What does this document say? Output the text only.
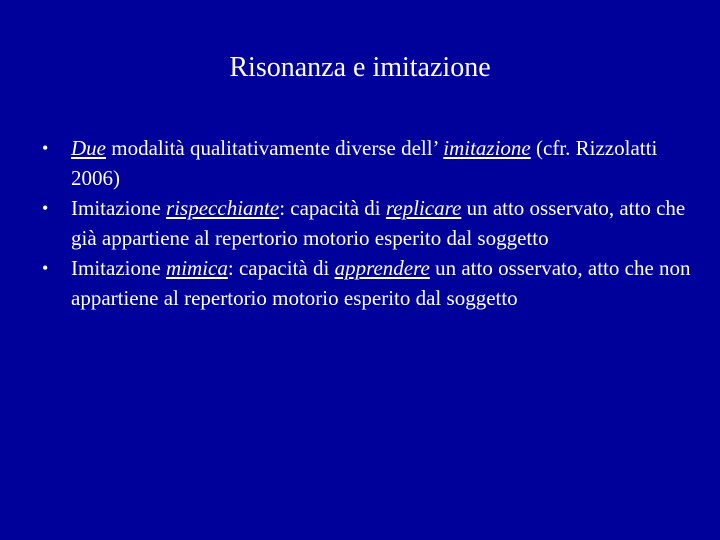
Risonanza e imitazione
• Due modalità qualitativamente diverse dell’ imitazione (cfr. Rizzolatti 2006)
• Imitazione rispecchiante: capacità di replicare un atto osservato, atto che già appartiene al repertorio motorio esperito dal soggetto
• Imitazione mimica: capacità di apprendere un atto osservato, atto che non appartiene al repertorio motorio esperito dal soggetto
